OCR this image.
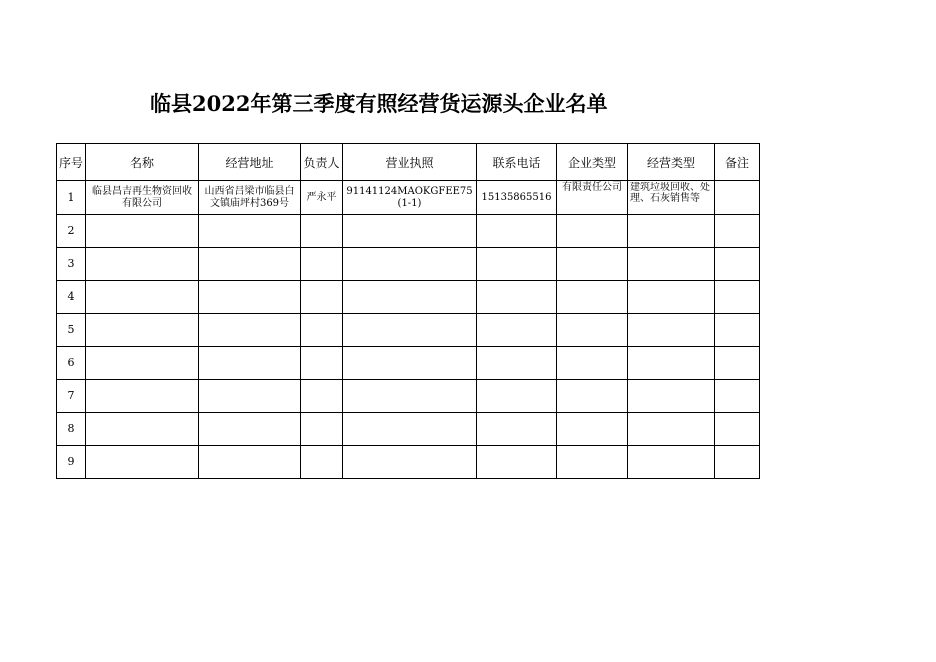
临县2022年第三季度有照经营货运源头企业名单
序号	名称	经营地址	负责人	营业执照	联系电话	企业类型	经营类型	备注
1	临县昌吉再生物资回收有限公司	山西省吕梁市临县白文镇庙坪村369号	严永平	91141124MAOKGFEE75(1-1)	15135865516	有限责任公司	建筑垃圾回收、处理、石灰销售等	

2								
3								
4								
5								
6								
7								
8								
9								
